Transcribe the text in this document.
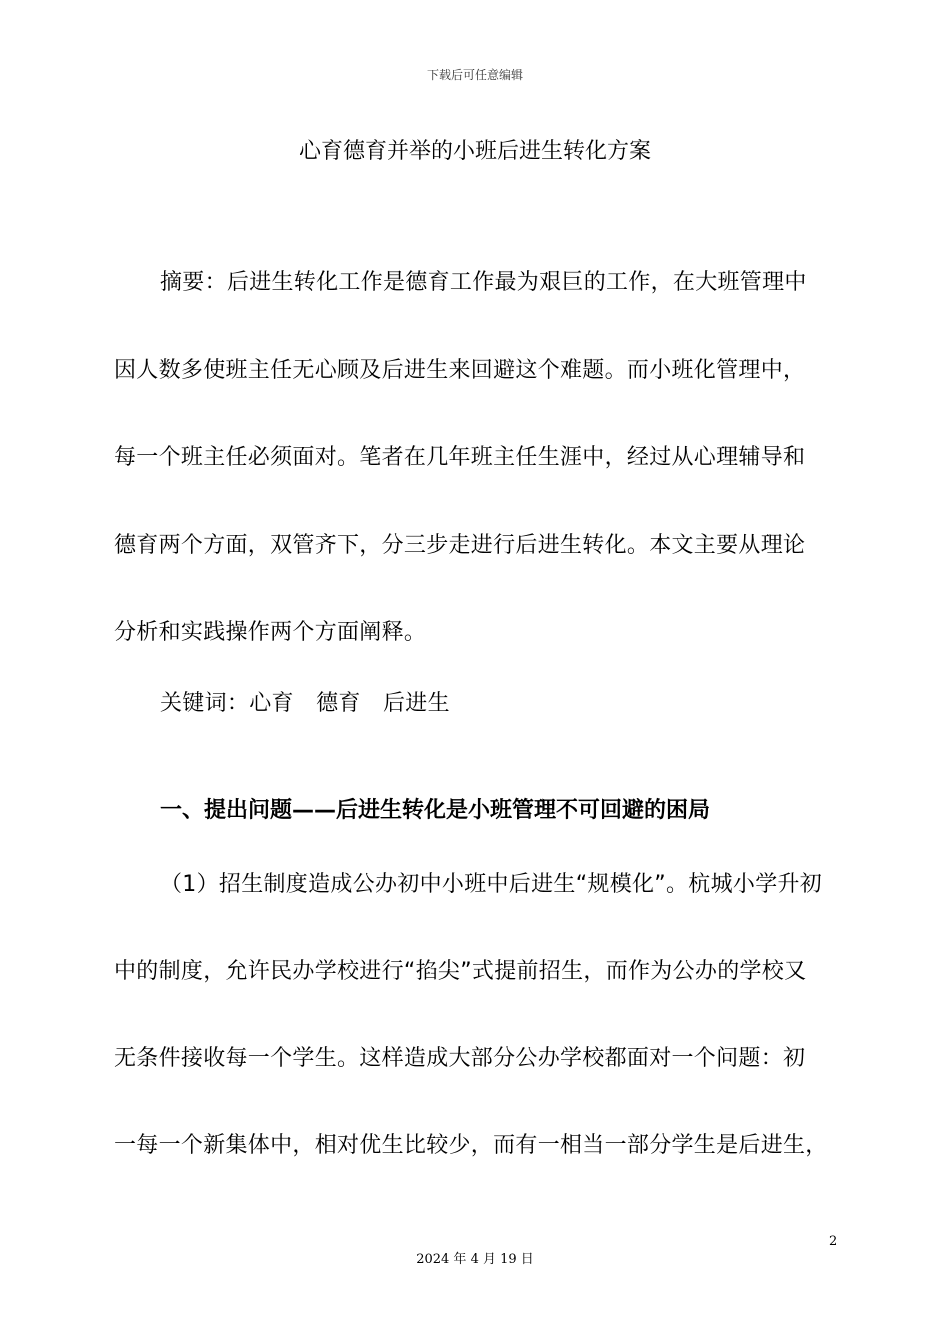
下载后可任意编辑
心育德育并举的小班后进生转化方案

摘要：后进生转化工作是德育工作最为艰巨的工作，在大班管理中

因人数多使班主任无心顾及后进生来回避这个难题。而小班化管理中，

每一个班主任必须面对。笔者在几年班主任生涯中，经过从心理辅导和

德育两个方面，双管齐下，分三步走进行后进生转化。本文主要从理论

分析和实践操作两个方面阐释。

关键词：心育　德育　后进生

一、提出问题——后进生转化是小班管理不可回避的困局

（1）招生制度造成公办初中小班中后进生“规模化”。杭城小学升初

中的制度，允许民办学校进行“掐尖”式提前招生，而作为公办的学校又

无条件接收每一个学生。这样造成大部分公办学校都面对一个问题：初

一每一个新集体中，相对优生比较少，而有一相当一部分学生是后进生，

2
2024 年 4 月 19 日
